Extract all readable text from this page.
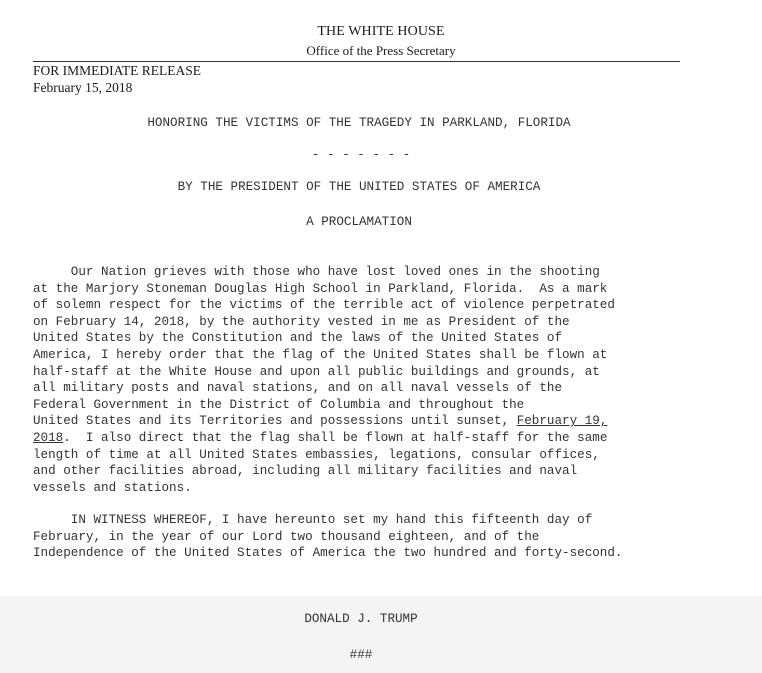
THE WHITE HOUSE
Office of the Press Secretary
FOR IMMEDIATE RELEASE
February 15, 2018
HONORING THE VICTIMS OF THE TRAGEDY IN PARKLAND, FLORIDA
- - - - - - -
BY THE PRESIDENT OF THE UNITED STATES OF AMERICA
A PROCLAMATION
Our Nation grieves with those who have lost loved ones in the shooting
at the Marjory Stoneman Douglas High School in Parkland, Florida.  As a mark
of solemn respect for the victims of the terrible act of violence perpetrated
on February 14, 2018, by the authority vested in me as President of the
United States by the Constitution and the laws of the United States of
America, I hereby order that the flag of the United States shall be flown at
half-staff at the White House and upon all public buildings and grounds, at
all military posts and naval stations, and on all naval vessels of the
Federal Government in the District of Columbia and throughout the
United States and its Territories and possessions until sunset, February 19,
2018.  I also direct that the flag shall be flown at half-staff for the same
length of time at all United States embassies, legations, consular offices,
and other facilities abroad, including all military facilities and naval
vessels and stations.
IN WITNESS WHEREOF, I have hereunto set my hand this fifteenth day of
February, in the year of our Lord two thousand eighteen, and of the
Independence of the United States of America the two hundred and forty-second.
DONALD J. TRUMP
###
